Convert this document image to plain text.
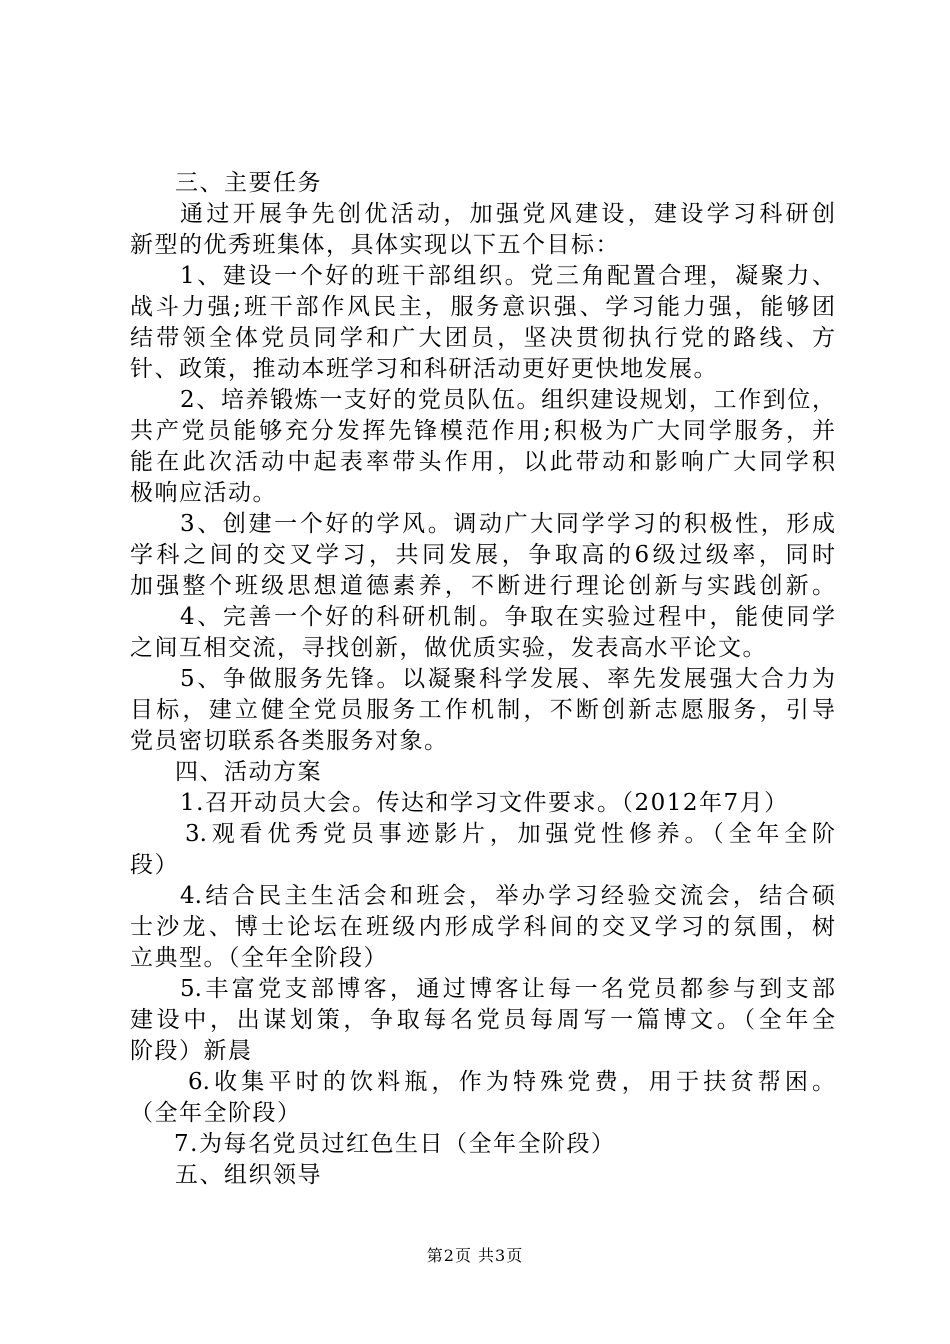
三、主要任务
通过开展争先创优活动，加强党风建设，建设学习科研创
新型的优秀班集体，具体实现以下五个目标：
1、建设一个好的班干部组织。党三角配置合理，凝聚力、
战斗力强;班干部作风民主，服务意识强、学习能力强，能够团
结带领全体党员同学和广大团员，坚决贯彻执行党的路线、方
针、政策，推动本班学习和科研活动更好更快地发展。
2、培养锻炼一支好的党员队伍。组织建设规划，工作到位，
共产党员能够充分发挥先锋模范作用;积极为广大同学服务，并
能在此次活动中起表率带头作用，以此带动和影响广大同学积
极响应活动。
3、创建一个好的学风。调动广大同学学习的积极性，形成
学科之间的交叉学习，共同发展，争取高的6级过级率，同时
加强整个班级思想道德素养，不断进行理论创新与实践创新。
4、完善一个好的科研机制。争取在实验过程中，能使同学
之间互相交流，寻找创新，做优质实验，发表高水平论文。
5、争做服务先锋。以凝聚科学发展、率先发展强大合力为
目标，建立健全党员服务工作机制，不断创新志愿服务，引导
党员密切联系各类服务对象。
四、活动方案
1.召开动员大会。传达和学习文件要求。（2012年7月）
3.观看优秀党员事迹影片，加强党性修养。（全年全阶
段）
4.结合民主生活会和班会，举办学习经验交流会，结合硕
士沙龙、博士论坛在班级内形成学科间的交叉学习的氛围，树
立典型。（全年全阶段）
5.丰富党支部博客，通过博客让每一名党员都参与到支部
建设中，出谋划策，争取每名党员每周写一篇博文。（全年全
阶段）新晨
6.收集平时的饮料瓶，作为特殊党费，用于扶贫帮困。
（全年全阶段）
7.为每名党员过红色生日（全年全阶段）
五、组织领导
第2页 共3页
